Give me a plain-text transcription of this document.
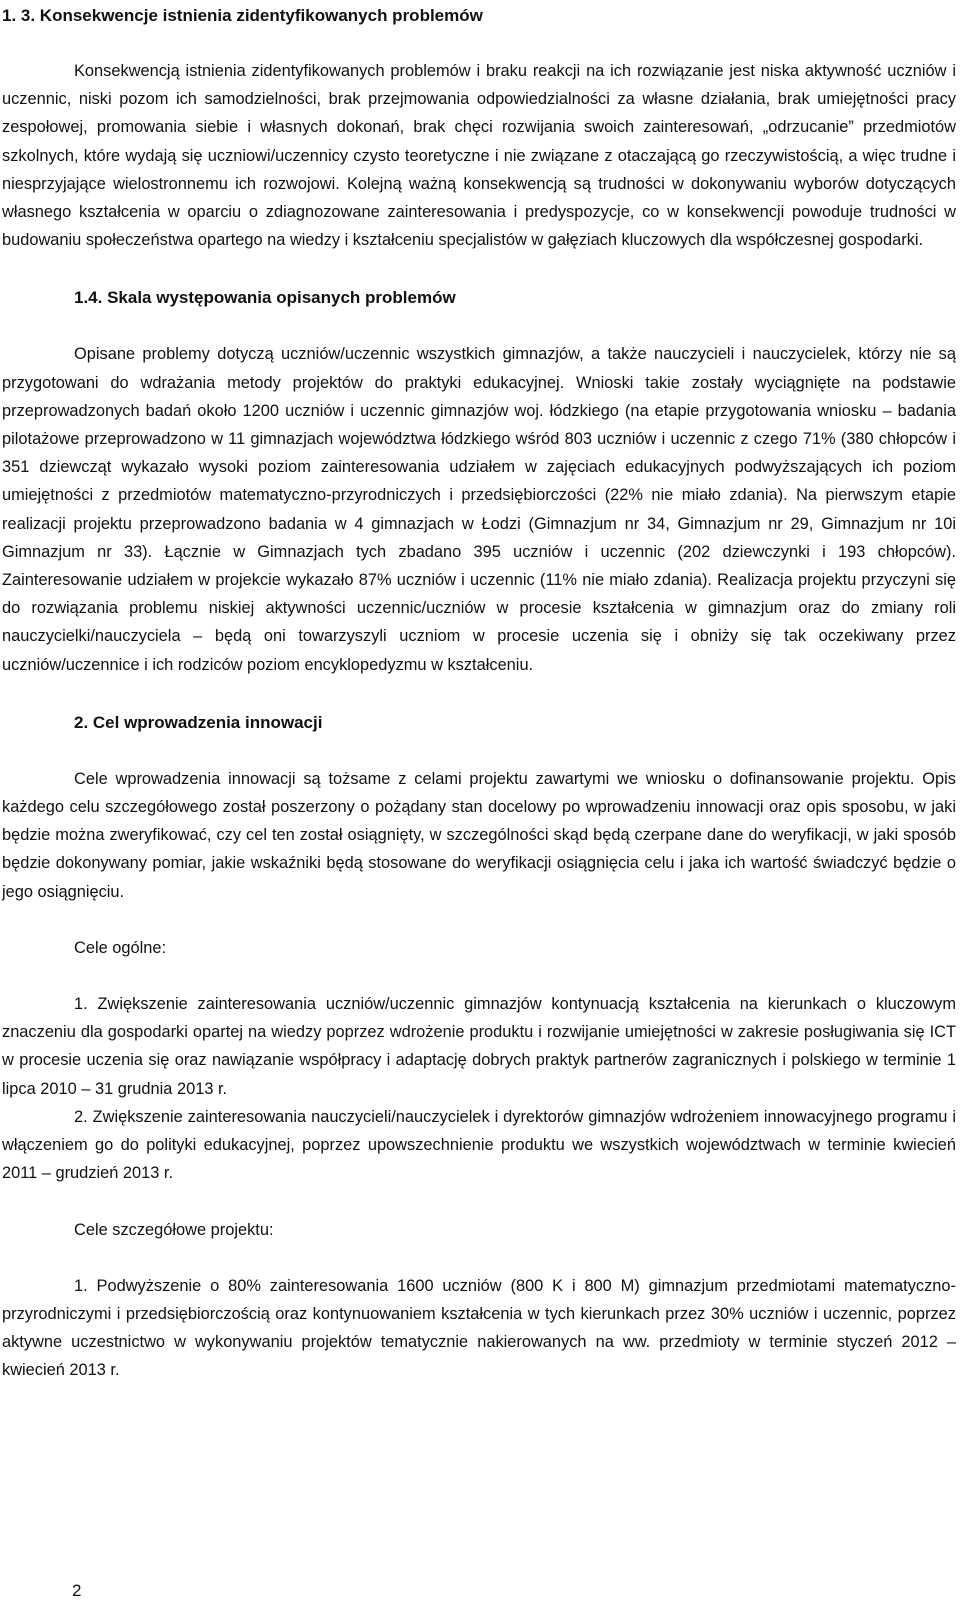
1. 3. Konsekwencje istnienia zidentyfikowanych problemów

Konsekwencją istnienia zidentyfikowanych problemów i braku reakcji na ich rozwiązanie jest niska aktywność uczniów i uczennic, niski pozom ich samodzielności, brak przejmowania odpowiedzialności za własne działania, brak umiejętności pracy zespołowej, promowania siebie i własnych dokonań, brak chęci rozwijania swoich zainteresowań, „odrzucanie” przedmiotów szkolnych, które wydają się uczniowi/uczennicy czysto teoretyczne i nie związane z otaczającą go rzeczywistością, a więc trudne i niesprzyjające wielostronnemu ich rozwojowi. Kolejną ważną konsekwencją są trudności w dokonywaniu wyborów dotyczących własnego kształcenia w oparciu o zdiagnozowane zainteresowania i predyspozycje, co w konsekwencji powoduje trudności w budowaniu społeczeństwa opartego na wiedzy i kształceniu specjalistów w gałęziach kluczowych dla współczesnej gospodarki.

1.4. Skala występowania opisanych problemów

Opisane problemy dotyczą uczniów/uczennic wszystkich gimnazjów, a także nauczycieli i nauczycielek, którzy nie są przygotowani do wdrażania metody projektów do praktyki edukacyjnej. Wnioski takie zostały wyciągnięte na podstawie przeprowadzonych badań około 1200 uczniów i uczennic gimnazjów woj. łódzkiego (na etapie przygotowania wniosku – badania pilotażowe przeprowadzono w 11 gimnazjach województwa łódzkiego wśród 803 uczniów i uczennic z czego 71% (380 chłopców i 351 dziewcząt wykazało wysoki poziom zainteresowania udziałem w zajęciach edukacyjnych podwyższających ich poziom umiejętności z przedmiotów matematyczno-przyrodniczych i przedsiębiorczości (22% nie miało zdania). Na pierwszym etapie realizacji projektu przeprowadzono badania w 4 gimnazjach w Łodzi (Gimnazjum nr 34, Gimnazjum nr 29, Gimnazjum nr 10i Gimnazjum nr 33). Łącznie w Gimnazjach tych zbadano 395 uczniów i uczennic (202 dziewczynki i 193 chłopców). Zainteresowanie udziałem w projekcie wykazało 87% uczniów i uczennic (11% nie miało zdania). Realizacja projektu przyczyni się do rozwiązania problemu niskiej aktywności uczennic/uczniów w procesie kształcenia w gimnazjum oraz do zmiany roli nauczycielki/nauczyciela – będą oni towarzyszyli uczniom w procesie uczenia się i obniży się tak oczekiwany przez uczniów/uczennice i ich rodziców poziom encyklopedyzmu w kształceniu.

2. Cel wprowadzenia innowacji

Cele wprowadzenia innowacji są tożsame z celami projektu zawartymi we wniosku o dofinansowanie projektu. Opis każdego celu szczegółowego został poszerzony o pożądany stan docelowy po wprowadzeniu innowacji oraz opis sposobu, w jaki będzie można zweryfikować, czy cel ten został osiągnięty, w szczególności skąd będą czerpane dane do weryfikacji, w jaki sposób będzie dokonywany pomiar, jakie wskaźniki będą stosowane do weryfikacji osiągnięcia celu i jaka ich wartość świadczyć będzie o jego osiągnięciu.

Cele ogólne:

1. Zwiększenie zainteresowania uczniów/uczennic gimnazjów kontynuacją kształcenia na kierunkach o kluczowym znaczeniu dla gospodarki opartej na wiedzy poprzez wdrożenie produktu i rozwijanie umiejętności w zakresie posługiwania się ICT w procesie uczenia się oraz nawiązanie współpracy i adaptację dobrych praktyk partnerów zagranicznych i polskiego w terminie 1 lipca 2010 – 31 grudnia 2013 r.

2. Zwiększenie zainteresowania nauczycieli/nauczycielek i dyrektorów gimnazjów wdrożeniem innowacyjnego programu i włączeniem go do polityki edukacyjnej, poprzez upowszechnienie produktu we wszystkich województwach w terminie kwiecień 2011 – grudzień 2013 r.

Cele szczegółowe projektu:

1. Podwyższenie o 80% zainteresowania 1600 uczniów (800 K i 800 M) gimnazjum przedmiotami matematyczno-przyrodniczymi i przedsiębiorczością oraz kontynuowaniem kształcenia w tych kierunkach przez 30% uczniów i uczennic, poprzez aktywne uczestnictwo w wykonywaniu projektów tematycznie nakierowanych na ww. przedmioty w terminie styczeń 2012 – kwiecień 2013 r.

2
